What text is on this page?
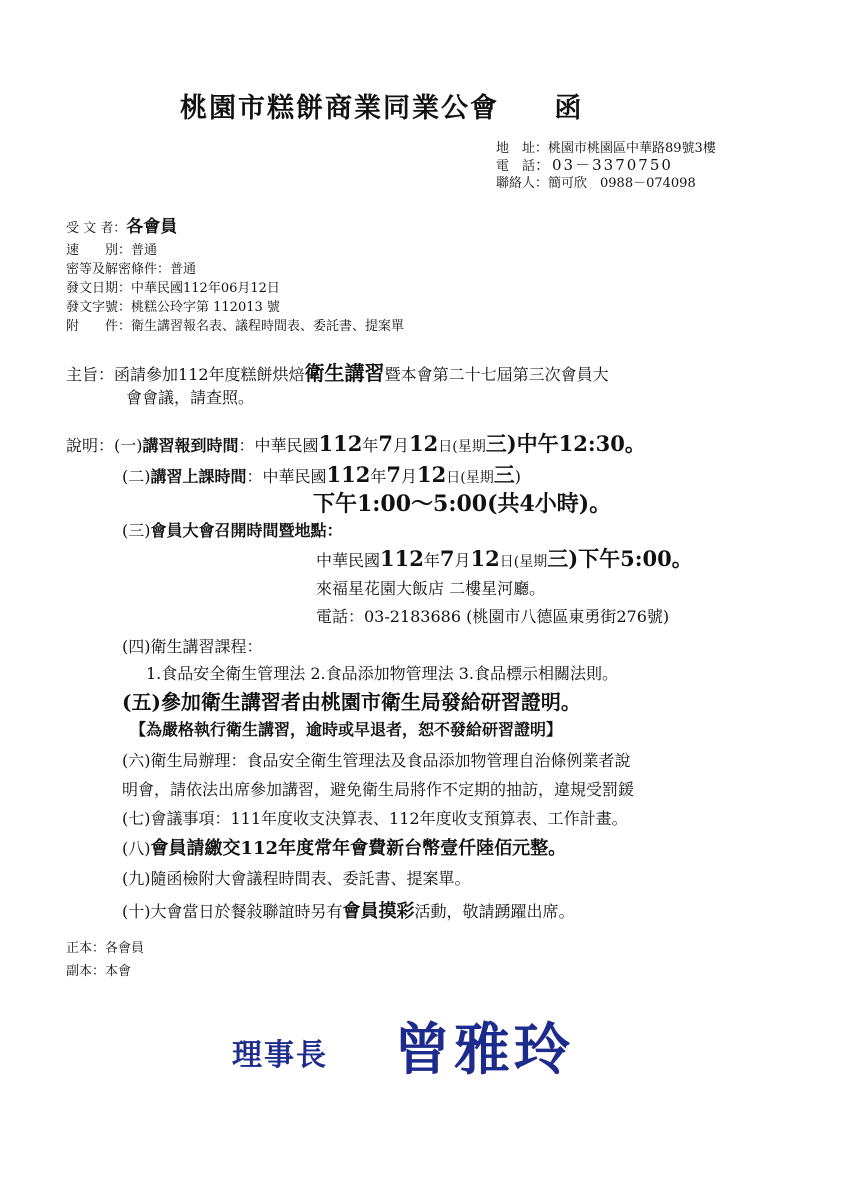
桃園市糕餅商業同業公會 函
地　址：桃園市桃園區中華路89號3樓
電　話：03－3370750
聯絡人：簡可欣　0988－074098
受 文 者：各會員
速　　別：普通
密等及解密條件：普通
發文日期：中華民國112年06月12日
發文字號：桃糕公玲字第 112013 號
附　　件：衛生講習報名表、議程時間表、委託書、提案單
主旨：函請參加112年度糕餅烘焙衛生講習暨本會第二十七屆第三次會員大
會會議，請查照。
說明：(一)講習報到時間：中華民國112年7月12日(星期三)中午12:30。
(二)講習上課時間：中華民國112年7月12日(星期三)
下午1:00～5:00(共4小時)。
(三)會員大會召開時間暨地點：
中華民國112年7月12日(星期三)下午5:00。
來福星花園大飯店 二樓星河廳。
電話：03-2183686 (桃園市八德區東勇街276號)
(四)衛生講習課程：
1.食品安全衛生管理法 2.食品添加物管理法 3.食品標示相關法則。
(五)參加衛生講習者由桃園市衛生局發給研習證明。
【為嚴格執行衛生講習，逾時或早退者，恕不發給研習證明】
(六)衛生局辦理：食品安全衛生管理法及食品添加物管理自治條例業者說
明會，請依法出席參加講習，避免衛生局將作不定期的抽訪，違規受罰鍰
(七)會議事項：111年度收支決算表、112年度收支預算表、工作計畫。
(八)會員請繳交112年度常年會費新台幣壹仟陸佰元整。
(九)隨函檢附大會議程時間表、委託書、提案單。
(十)大會當日於餐敍聯誼時另有會員摸彩活動，敬請踴躍出席。
正本：各會員
副本：本會
理事長 曾雅玲
